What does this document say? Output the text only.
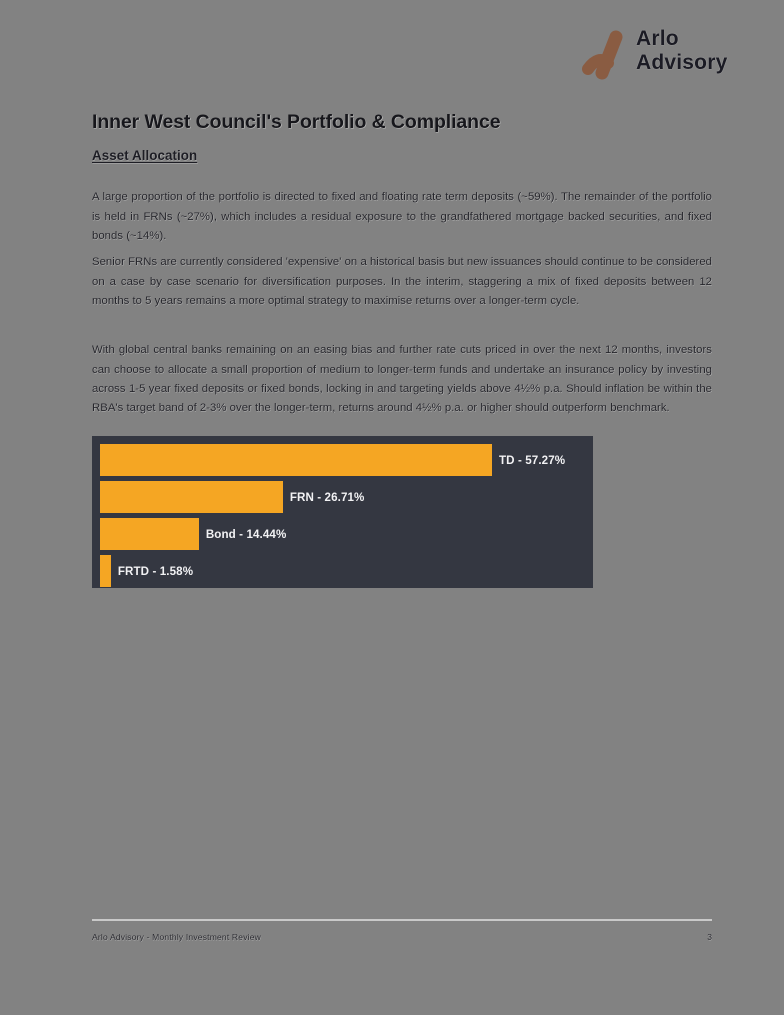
Arlo
Advisory
Inner West Council's Portfolio & Compliance
Asset Allocation

A large proportion of the portfolio is directed to fixed and floating rate term deposits (~59%). The remainder of the portfolio is held in FRNs (~27%), which includes a residual exposure to the grandfathered mortgage backed securities, and fixed bonds (~14%).

Senior FRNs are currently considered 'expensive' on a historical basis but new issuances should continue to be considered on a case by case scenario for diversification purposes. In the interim, staggering a mix of fixed deposits between 12 months to 5 years remains a more optimal strategy to maximise returns over a longer-term cycle.

With global central banks remaining on an easing bias and further rate cuts priced in over the next 12 months, investors can choose to allocate a small proportion of medium to longer-term funds and undertake an insurance policy by investing across 1-5 year fixed deposits or fixed bonds, locking in and targeting yields above 4½% p.a. Should inflation be within the RBA's target band of 2-3% over the longer-term, returns around 4½% p.a. or higher should outperform benchmark.

TD - 57.27%
FRN - 26.71%
Bond - 14.44%
FRTD - 1.58%
Arlo Advisory - Monthly Investment Review	3
